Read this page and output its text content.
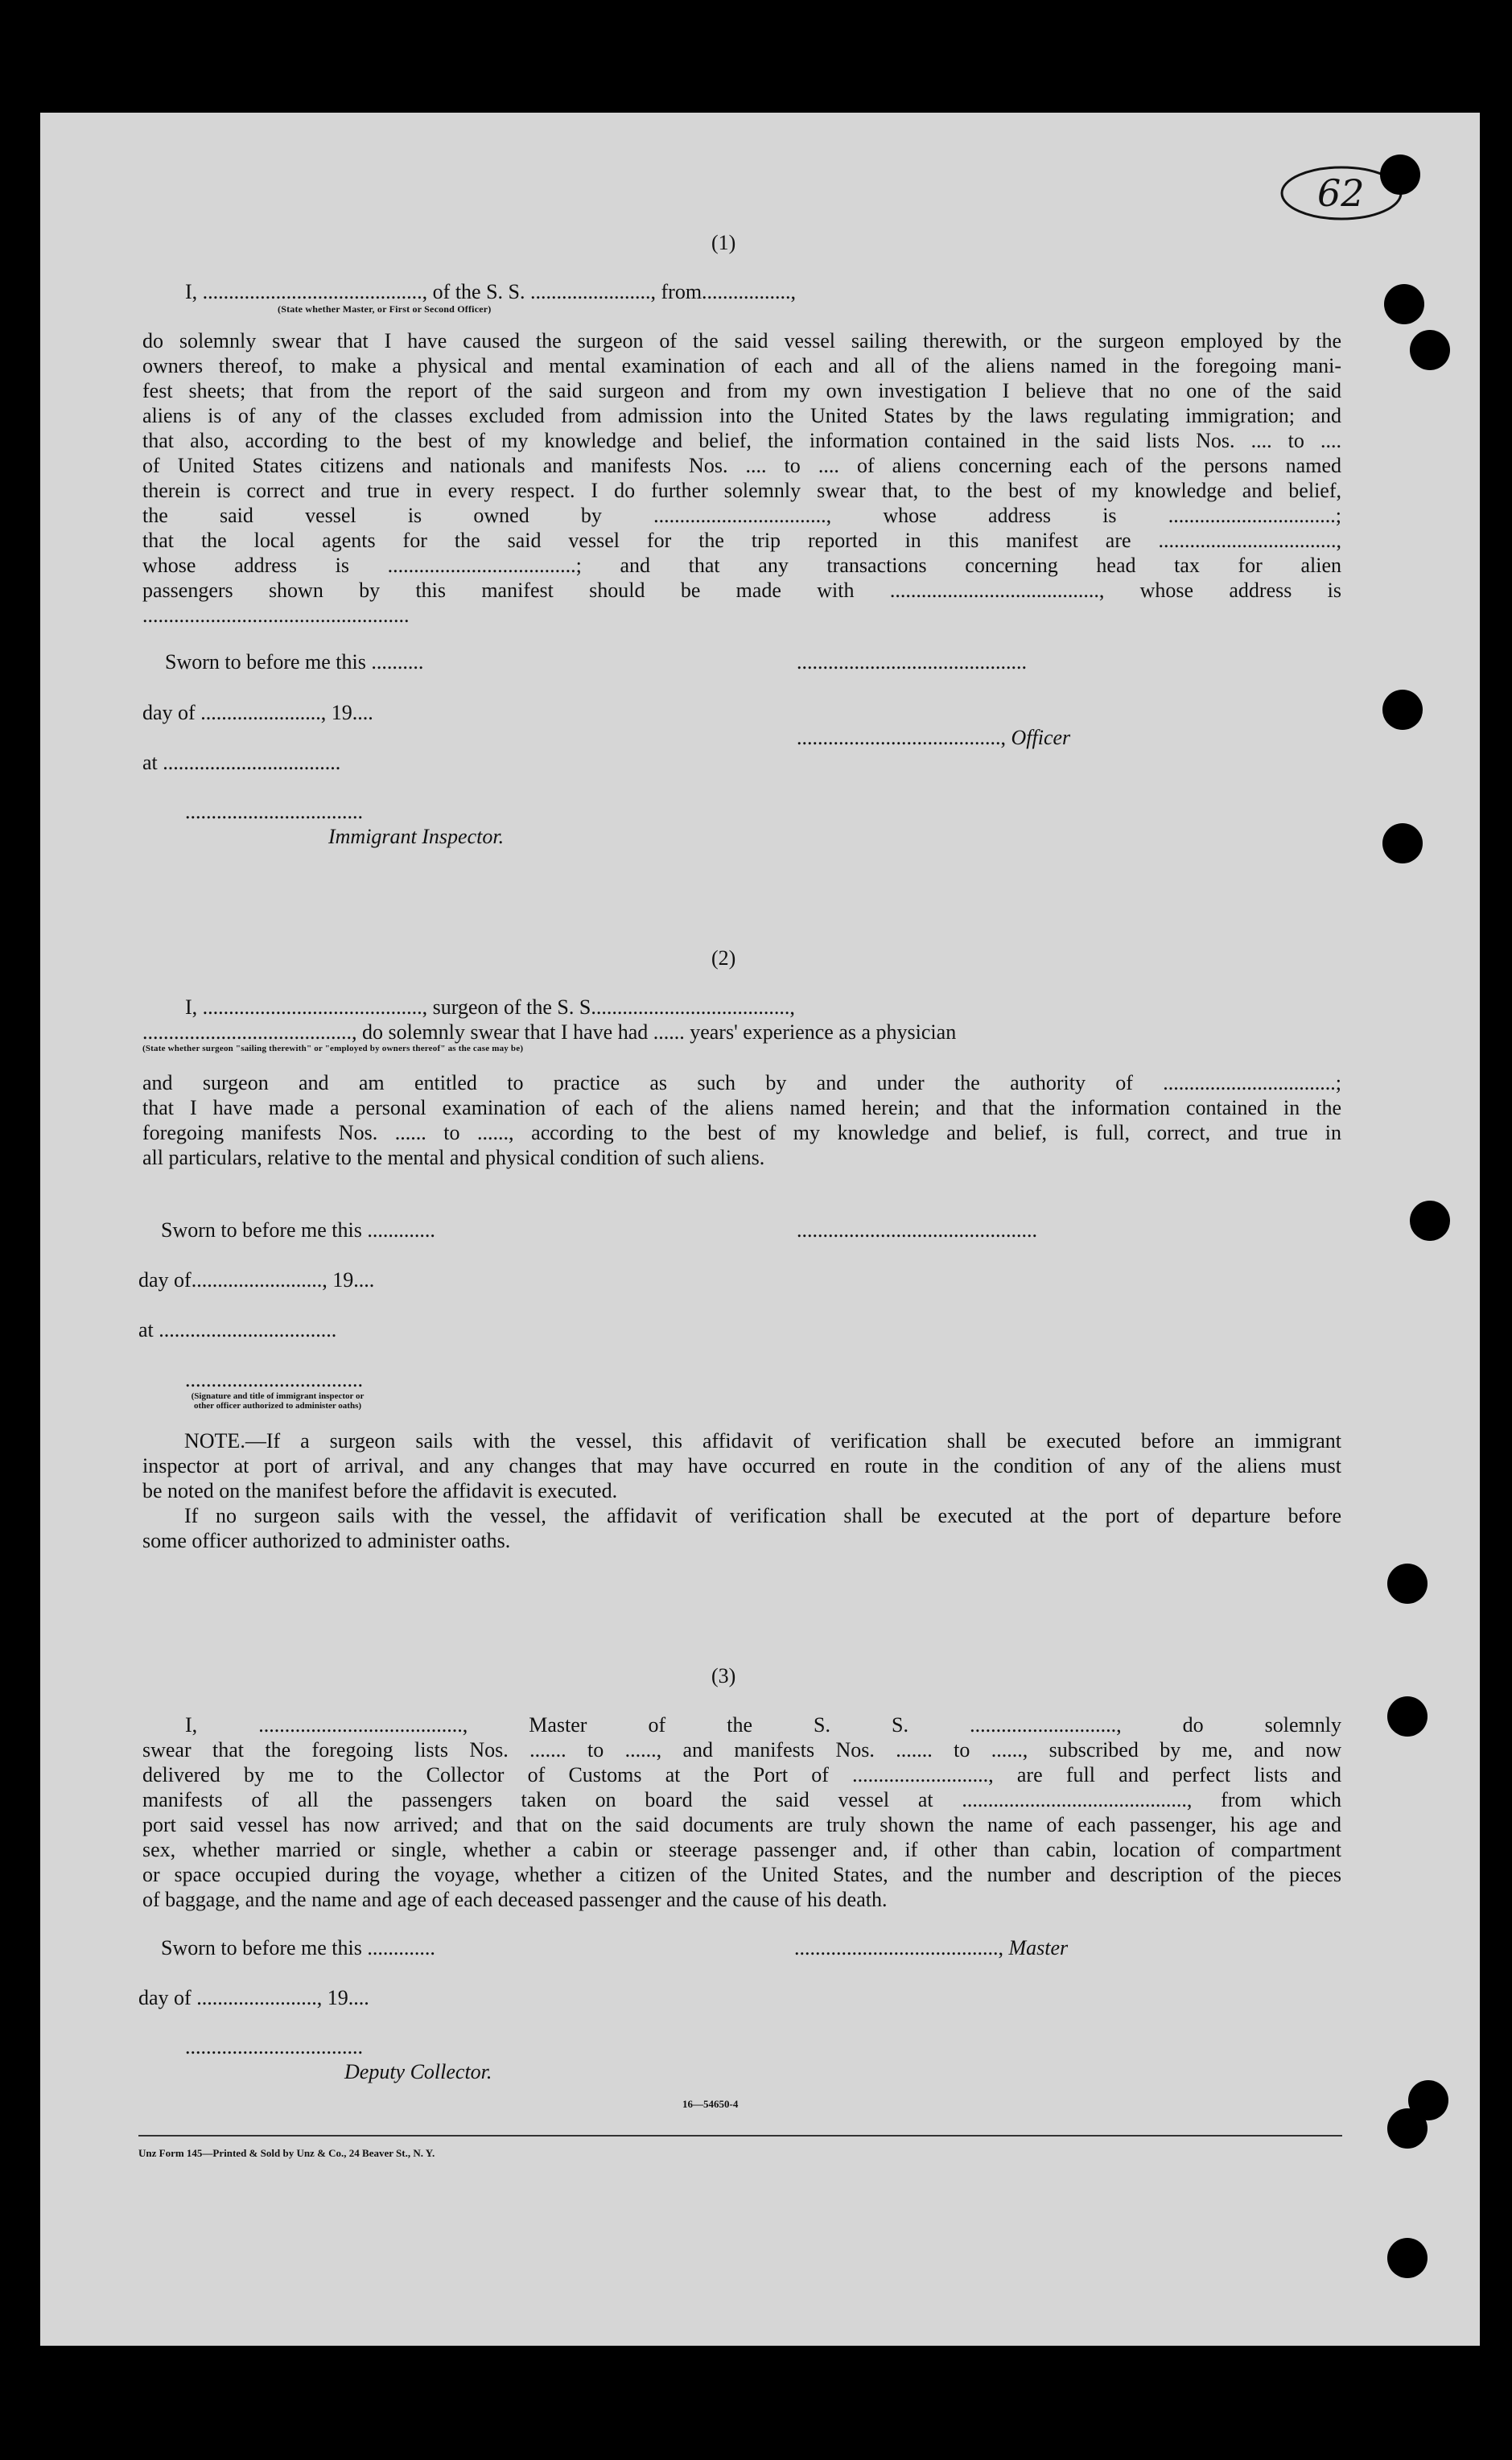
62
(1)
I, .........................................., of the S. S. ......................., from.................,
(State whether Master, or First or Second Officer)
do solemnly swear that I have caused the surgeon of the said vessel sailing therewith, or the surgeon employed by the
owners thereof, to make a physical and mental examination of each and all of the aliens named in the foregoing mani-
fest sheets; that from the report of the said surgeon and from my own investigation I believe that no one of the said
aliens is of any of the classes excluded from admission into the United States by the laws regulating immigration; and
that also, according to the best of my knowledge and belief, the information contained in the said lists Nos. .... to ....
of United States citizens and nationals and manifests Nos. .... to .... of aliens concerning each of the persons named
therein is correct and true in every respect. I do further solemnly swear that, to the best of my knowledge and belief,
the said vessel is owned by ................................., whose address is ................................;
that the local agents for the said vessel for the trip reported in this manifest are ..................................,
whose address is ....................................; and that any transactions concerning head tax for alien
passengers shown by this manifest should be made with ........................................, whose address is
...................................................
Sworn to before me this ..........	............................................
day of ......................., 19....
......................................., Officer
at ..................................
..................................
Immigrant Inspector.
(2)
I, .........................................., surgeon of the S. S......................................,
........................................, do solemnly swear that I have had ...... years' experience as a physician
(State whether surgeon "sailing therewith" or "employed by owners thereof" as the case may be)
and surgeon and am entitled to practice as such by and under the authority of .................................;
that I have made a personal examination of each of the aliens named herein; and that the information contained in the
foregoing manifests Nos. ...... to ......, according to the best of my knowledge and belief, is full, correct, and true in
all particulars, relative to the mental and physical condition of such aliens.
Sworn to before me this .............	..............................................
day of........................., 19....
at ..................................
..................................
(Signature and title of immigrant inspector or other officer authorized to administer oaths)
NOTE.—If a surgeon sails with the vessel, this affidavit of verification shall be executed before an immigrant
inspector at port of arrival, and any changes that may have occurred en route in the condition of any of the aliens must
be noted on the manifest before the affidavit is executed.
If no surgeon sails with the vessel, the affidavit of verification shall be executed at the port of departure before
some officer authorized to administer oaths.
(3)
I, ......................................., Master of the S. S. ............................, do solemnly
swear that the foregoing lists Nos. ....... to ......, and manifests Nos. ....... to ......, subscribed by me, and now
delivered by me to the Collector of Customs at the Port of .........................., are full and perfect lists and
manifests of all the passengers taken on board the said vessel at ..........................................., from which
port said vessel has now arrived; and that on the said documents are truly shown the name of each passenger, his age and
sex, whether married or single, whether a cabin or steerage passenger and, if other than cabin, location of compartment
or space occupied during the voyage, whether a citizen of the United States, and the number and description of the pieces
of baggage, and the name and age of each deceased passenger and the cause of his death.
Sworn to before me this .............	......................................., Master
day of ......................., 19....
..................................
Deputy Collector.
16—54650-4
Unz Form 145—Printed & Sold by Unz & Co., 24 Beaver St., N. Y.
